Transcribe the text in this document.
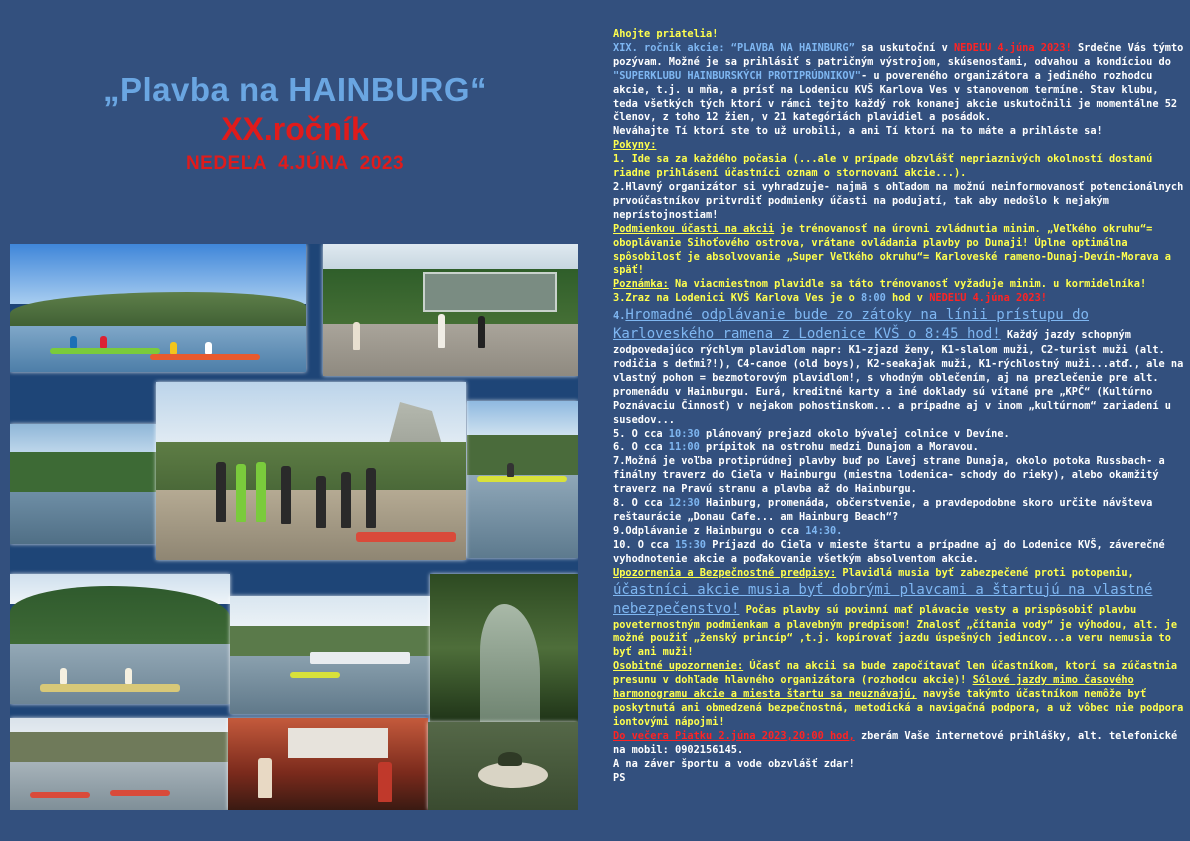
„Plavba na HAINBURG“
XX.ročník
NEDEĽA 4.JÚNA 2023

Ahojte priatelia!

XIX. ročník akcie: “PLAVBA NA HAINBURG” sa uskutoční v NEDEĽU 4.júna 2023! Srdečne Vás týmto pozývam. Možné je sa prihlásiť s patričným výstrojom, skúsenosťami, odvahou a kondíciou do "SUPERKLUBU HAINBURSKÝCH PROTIPRÚDNIKOV"- u povereného organizátora a jediného rozhodcu akcie, t.j. u mňa, a prísť na Lodenicu KVŠ Karlova Ves v stanovenom termíne. Stav klubu, teda všetkých tých ktorí v rámci tejto každý rok konanej akcie uskutočnili je momentálne 52 členov, z toho 12 žien, v 21 kategóriách plavidiel a posádok.

Neváhajte Tí ktorí ste to už urobili, a ani Tí ktorí na to máte a prihláste sa!

Pokyny:

1. Ide sa za každého počasia (...ale v prípade obzvlášť nepriaznivých okolností dostanú riadne prihlásení účastníci oznam o stornovaní akcie...).

2.Hlavný organizátor si vyhradzuje- najmä s ohľadom na možnú neinformovanosť potencionálnych prvoúčastníkov pritvrdiť podmienky účasti na podujatí, tak aby nedošlo k nejakým neprístojnostiam!

Podmienkou účasti na akcii je trénovanosť na úrovni zvládnutia minim. „Veľkého okruhu“= oboplávanie Sihoťového ostrova, vrátane ovládania plavby po Dunaji! Úplne optimálna spôsobilosť je absolvovanie „Super Veľkého okruhu“= Karloveské rameno-Dunaj-Devín-Morava a späť!

Poznámka: Na viacmiestnom plavidle sa táto trénovanosť vyžaduje minim. u kormidelníka!

3.Zraz na Lodenici KVŠ Karlova Ves je o 8:00 hod v NEDEĽU 4.júna 2023!

4.Hromadné odplávanie bude zo zátoky na línii prístupu do Karloveského ramena z Lodenice KVŠ o 8:45 hod! Každý jazdy schopným zodpovedajúco rýchlym plavidlom napr: K1-zjazd ženy, K1-slalom muži, C2-turist muži (alt. rodičia s deťmi?!), C4-canoe (old boys), K2-seakajak muži, K1-rýchlostný muži...atď., ale na vlastný pohon = bezmotorovým plavidlom!, s vhodným oblečením, aj na prezlečenie pre alt. promenádu v Hainburgu. Eurá, kreditné karty a iné doklady sú vítané pre „KPČ“ (Kultúrno Poznávaciu Činnosť) v nejakom pohostinskom... a prípadne aj v inom „kultúrnom“ zariadení u susedov...

5. O cca 10:30 plánovaný prejazd okolo bývalej colnice v Devíne.

6. O cca 11:00 prípitok na ostrohu medzi Dunajom a Moravou.

7.Možná je voľba protiprúdnej plavby buď po Ľavej strane Dunaja, okolo potoka Russbach- a finálny traverz do Cieľa v Hainburgu (miestna lodenica- schody do rieky), alebo okamžitý traverz na Pravú stranu a plavba až do Hainburgu.

8. O cca 12:30 Hainburg, promenáda, občerstvenie, a pravdepodobne skoro určite návšteva reštaurácie „Donau Cafe... am Hainburg Beach“?

9.Odplávanie z Hainburgu o cca 14:30.

10. O cca 15:30 Príjazd do Cieľa v mieste štartu a prípadne aj do Lodenice KVŠ, záverečné vyhodnotenie akcie a poďakovanie všetkým absolventom akcie.

Upozornenia a Bezpečnostné predpisy: Plavidlá musia byť zabezpečené proti potopeniu,
účastníci akcie musia byť dobrými plavcami a štartujú na vlastné nebezpečenstvo! Počas plavby sú povinní mať plávacie vesty a prispôsobiť plavbu poveternostným podmienkam a plavebným predpisom! Znalosť „čítania vody“ je výhodou, alt. je možné použiť „ženský princíp“ ,t.j. kopírovať jazdu úspešných jedincov...a veru nemusia to byť ani muži!

Osobitné upozornenie: Účasť na akcii sa bude započítavať len účastníkom, ktorí sa zúčastnia presunu v dohľade hlavného organizátora (rozhodcu akcie)! Sólové jazdy mimo časového harmonogramu akcie a miesta štartu sa neuznávajú, navyše takýmto účastníkom nemôže byť poskytnutá ani obmedzená bezpečnostná, metodická a navigačná podpora, a už vôbec nie podpora iontovými nápojmi!

Do večera Piatku 2.júna 2023,20:00 hod, zberám Vaše internetové prihlášky, alt. telefonické na mobil: 0902156145.

A na záver športu a vode obzvlášť zdar!

PS
